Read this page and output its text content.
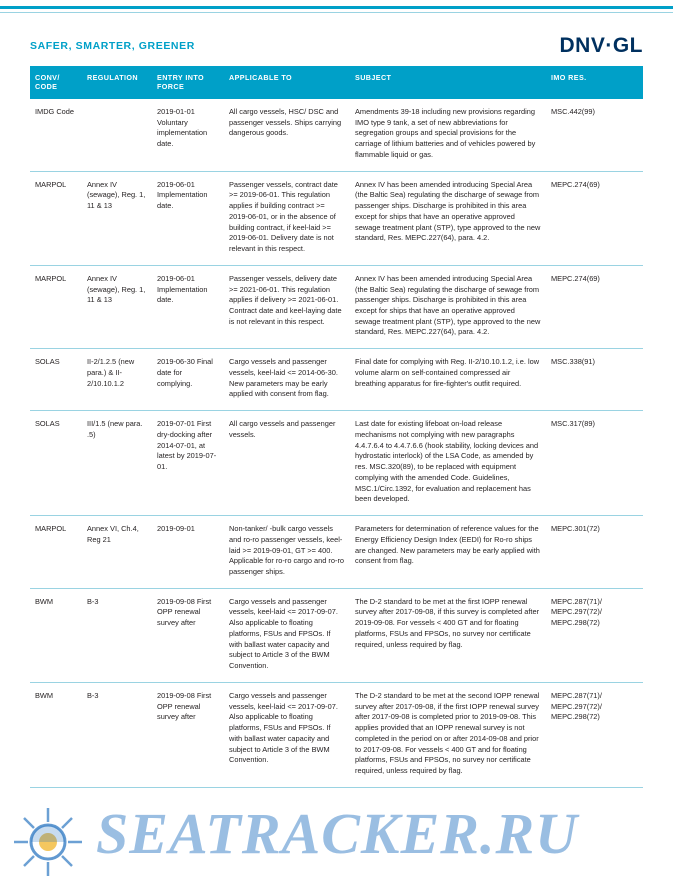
SAFER, SMARTER, GREENER	DNV·GL
CONV/ CODE	REGULATION	ENTRY INTO FORCE	APPLICABLE TO	SUBJECT	IMO RES.
IMDG Code		2019-01-01 Voluntary implementation date.	All cargo vessels, HSC/ DSC and passenger vessels. Ships carrying dangerous goods.	Amendments 39-18 including new provisions regarding IMO type 9 tank, a set of new abbreviations for segregation groups and special provisions for the carriage of lithium batteries and of vehicles powered by flammable liquid or gas.	MSC.442(99)
MARPOL	Annex IV (sewage), Reg. 1, 11 & 13	2019-06-01 Implementation date.	Passenger vessels, contract date >= 2019-06-01. This regulation applies if building contract >= 2019-06-01, or in the absence of building contract, if keel-laid >= 2019-06-01. Delivery date is not relevant in this respect.	Annex IV has been amended introducing Special Area (the Baltic Sea) regulating the discharge of sewage from passenger ships. Discharge is prohibited in this area except for ships that have an operative approved sewage treatment plant (STP), type approved to the new standard, Res. MEPC.227(64), para. 4.2.	MEPC.274(69)
MARPOL	Annex IV (sewage), Reg. 1, 11 & 13	2019-06-01 Implementation date.	Passenger vessels, delivery date >= 2021-06-01. This regulation applies if delivery >= 2021-06-01. Contract date and keel-laying date is not relevant in this respect.	Annex IV has been amended introducing Special Area (the Baltic Sea) regulating the discharge of sewage from passenger ships. Discharge is prohibited in this area except for ships that have an operative approved sewage treatment plant (STP), type approved to the new standard, Res. MEPC.227(64), para. 4.2.	MEPC.274(69)
SOLAS	II-2/1.2.5 (new para.) & II-2/10.10.1.2	2019-06-30 Final date for complying.	Cargo vessels and passenger vessels, keel-laid <= 2014-06-30. New parameters may be early applied with consent from flag.	Final date for complying with Reg. II-2/10.10.1.2, i.e. low volume alarm on self-contained compressed air breathing apparatus for fire-fighter's outfit required.	MSC.338(91)
SOLAS	III/1.5 (new para. .5)	2019-07-01 First dry-docking after 2014-07-01, at latest by 2019-07-01.	All cargo vessels and passenger vessels.	Last date for existing lifeboat on-load release mechanisms not complying with new paragraphs 4.4.7.6.4 to 4.4.7.6.6 (hook stability, locking devices and hydrostatic interlock) of the LSA Code, as amended by res. MSC.320(89), to be replaced with equipment complying with the amended Code. Guidelines, MSC.1/Circ.1392, for evaluation and replacement has been developed.	MSC.317(89)
MARPOL	Annex VI, Ch.4, Reg 21	2019-09-01	Non-tanker/ -bulk cargo vessels and ro-ro passenger vessels, keel-laid >= 2019-09-01, GT >= 400. Applicable for ro-ro cargo and ro-ro passenger ships.	Parameters for determination of reference values for the Energy Efficiency Design Index (EEDI) for Ro-ro ships are changed. New parameters may be early applied with consent from flag.	MEPC.301(72)
BWM	B-3	2019-09-08 First OPP renewal survey after	Cargo vessels and passenger vessels, keel-laid <= 2017-09-07. Also applicable to floating platforms, FSUs and FPSOs. If with ballast water capacity and subject to Article 3 of the BWM Convention.	The D-2 standard to be met at the first IOPP renewal survey after 2017-09-08, if this survey is completed after 2019-09-08. For vessels < 400 GT and for floating platforms, FSUs and FPSOs, no survey nor certificate required, unless required by flag.	MEPC.287(71)/ MEPC.297(72)/ MEPC.298(72)
BWM	B-3	2019-09-08 First OPP renewal survey after	Cargo vessels and passenger vessels, keel-laid <= 2017-09-07. Also applicable to floating platforms, FSUs and FPSOs. If with ballast water capacity and subject to Article 3 of the BWM Convention.	The D-2 standard to be met at the second IOPP renewal survey after 2017-09-08, if the first IOPP renewal survey after 2017-09-08 is completed prior to 2019-09-08. This applies provided that an IOPP renewal survey is not completed in the period on or after 2014-09-08 and prior to 2017-09-08. For vessels < 400 GT and for floating platforms, FSUs and FPSOs, no survey nor certificate required, unless required by flag.	MEPC.287(71)/ MEPC.297(72)/ MEPC.298(72)
SEATRACKER.RU
